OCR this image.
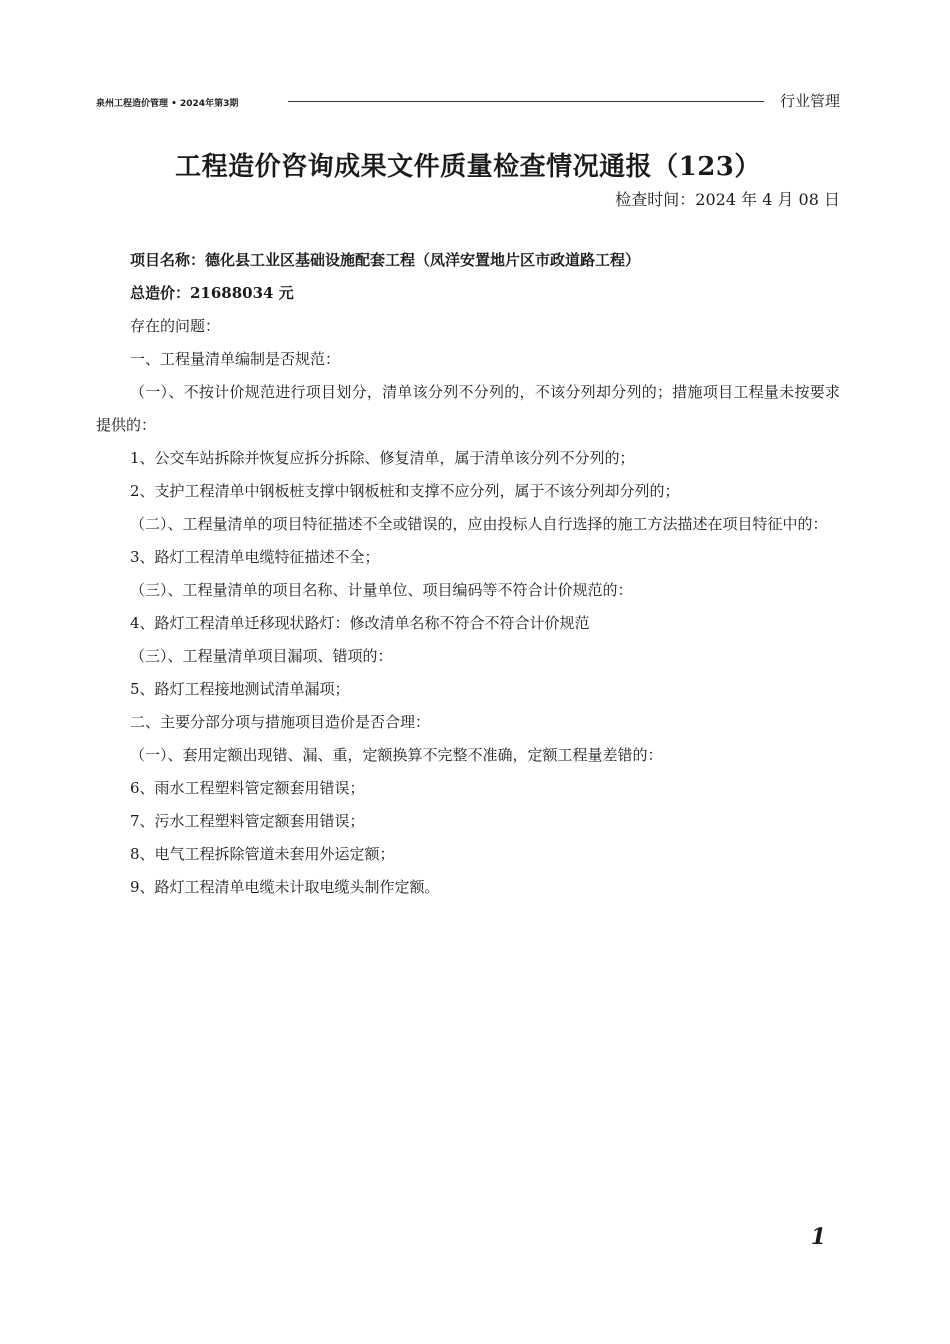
泉州工程造价管理 • 2024年第3期	行业管理
工程造价咨询成果文件质量检查情况通报（123）
检查时间：2024 年 4 月 08 日
项目名称：德化县工业区基础设施配套工程（凤洋安置地片区市政道路工程）
总造价：21688034 元
存在的问题：
一、工程量清单编制是否规范：
（一）、不按计价规范进行项目划分，清单该分列不分列的，不该分列却分列的；措施项目工程量未按要求提供的：
1、公交车站拆除并恢复应拆分拆除、修复清单，属于清单该分列不分列的；
2、支护工程清单中钢板桩支撑中钢板桩和支撑不应分列，属于不该分列却分列的；
（二）、工程量清单的项目特征描述不全或错误的，应由投标人自行选择的施工方法描述在项目特征中的：
3、路灯工程清单电缆特征描述不全；
（三）、工程量清单的项目名称、计量单位、项目编码等不符合计价规范的：
4、路灯工程清单迁移现状路灯：修改清单名称不符合不符合计价规范
（三）、工程量清单项目漏项、错项的：
5、路灯工程接地测试清单漏项；
二、主要分部分项与措施项目造价是否合理：
（一）、套用定额出现错、漏、重，定额换算不完整不准确，定额工程量差错的：
6、雨水工程塑料管定额套用错误；
7、污水工程塑料管定额套用错误；
8、电气工程拆除管道未套用外运定额；
9、路灯工程清单电缆未计取电缆头制作定额。
1
